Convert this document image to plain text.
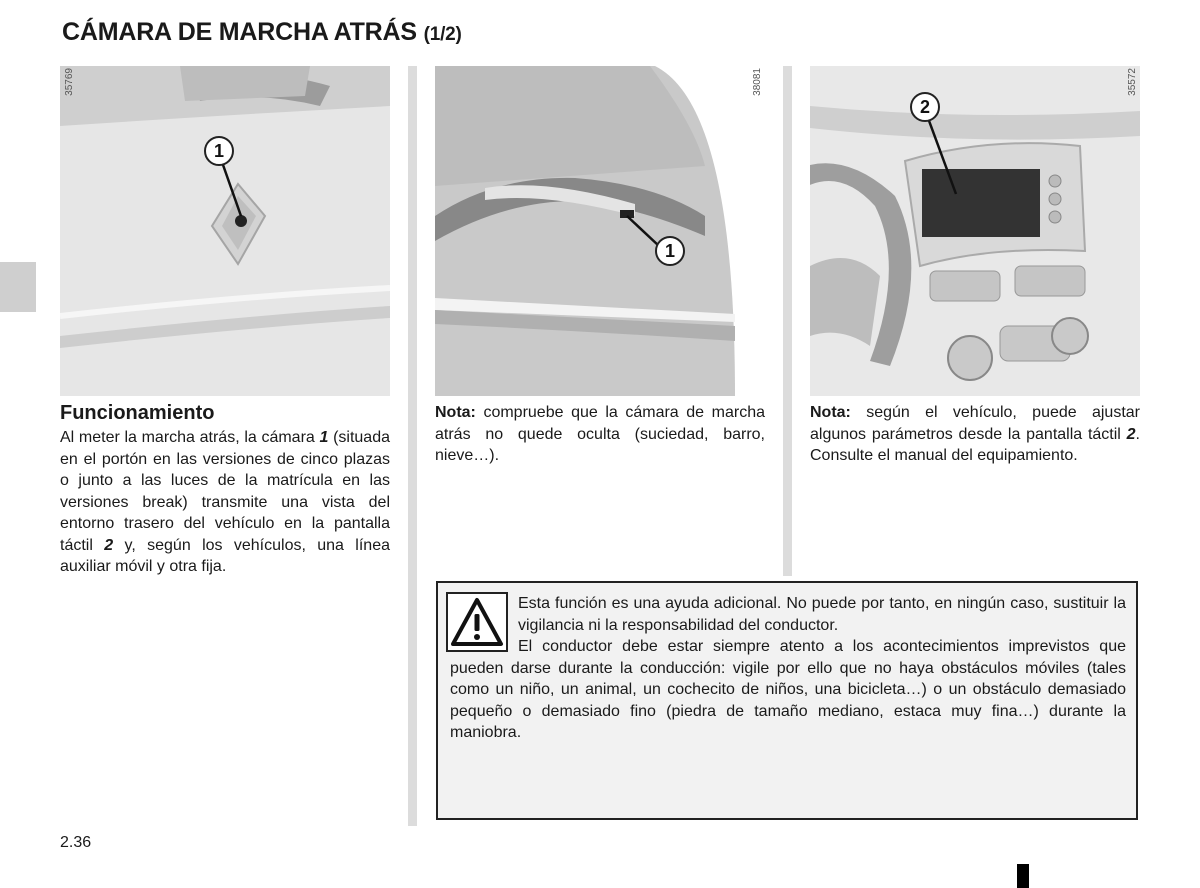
CÁMARA DE MARCHA ATRÁS (1/2)
35769
1
38081
1
35572
2
Funcionamiento
Al meter la marcha atrás, la cámara 1 (situada en el portón en las versiones de cinco plazas o junto a las luces de la matrícula en las versiones break) transmite una vista del entorno trasero del vehículo en la pantalla táctil 2 y, según los vehículos, una línea auxiliar móvil y otra fija.
Nota: compruebe que la cámara de marcha atrás no quede oculta (suciedad, barro, nieve…).
Nota: según el vehículo, puede ajustar algunos parámetros desde la pantalla táctil 2. Consulte el manual del equipamiento.
Esta función es una ayuda adicional. No puede por tanto, en ningún caso, sustituir la vigilancia ni la responsabilidad del conductor.
El conductor debe estar siempre atento a los acontecimientos imprevistos que pueden darse durante la conducción: vigile por ello que no haya obstáculos móviles (tales como un niño, un animal, un cochecito de niños, una bicicleta…) o un obstáculo demasiado pequeño o demasiado fino (piedra de tamaño mediano, estaca muy fina…) durante la maniobra.
2.36
